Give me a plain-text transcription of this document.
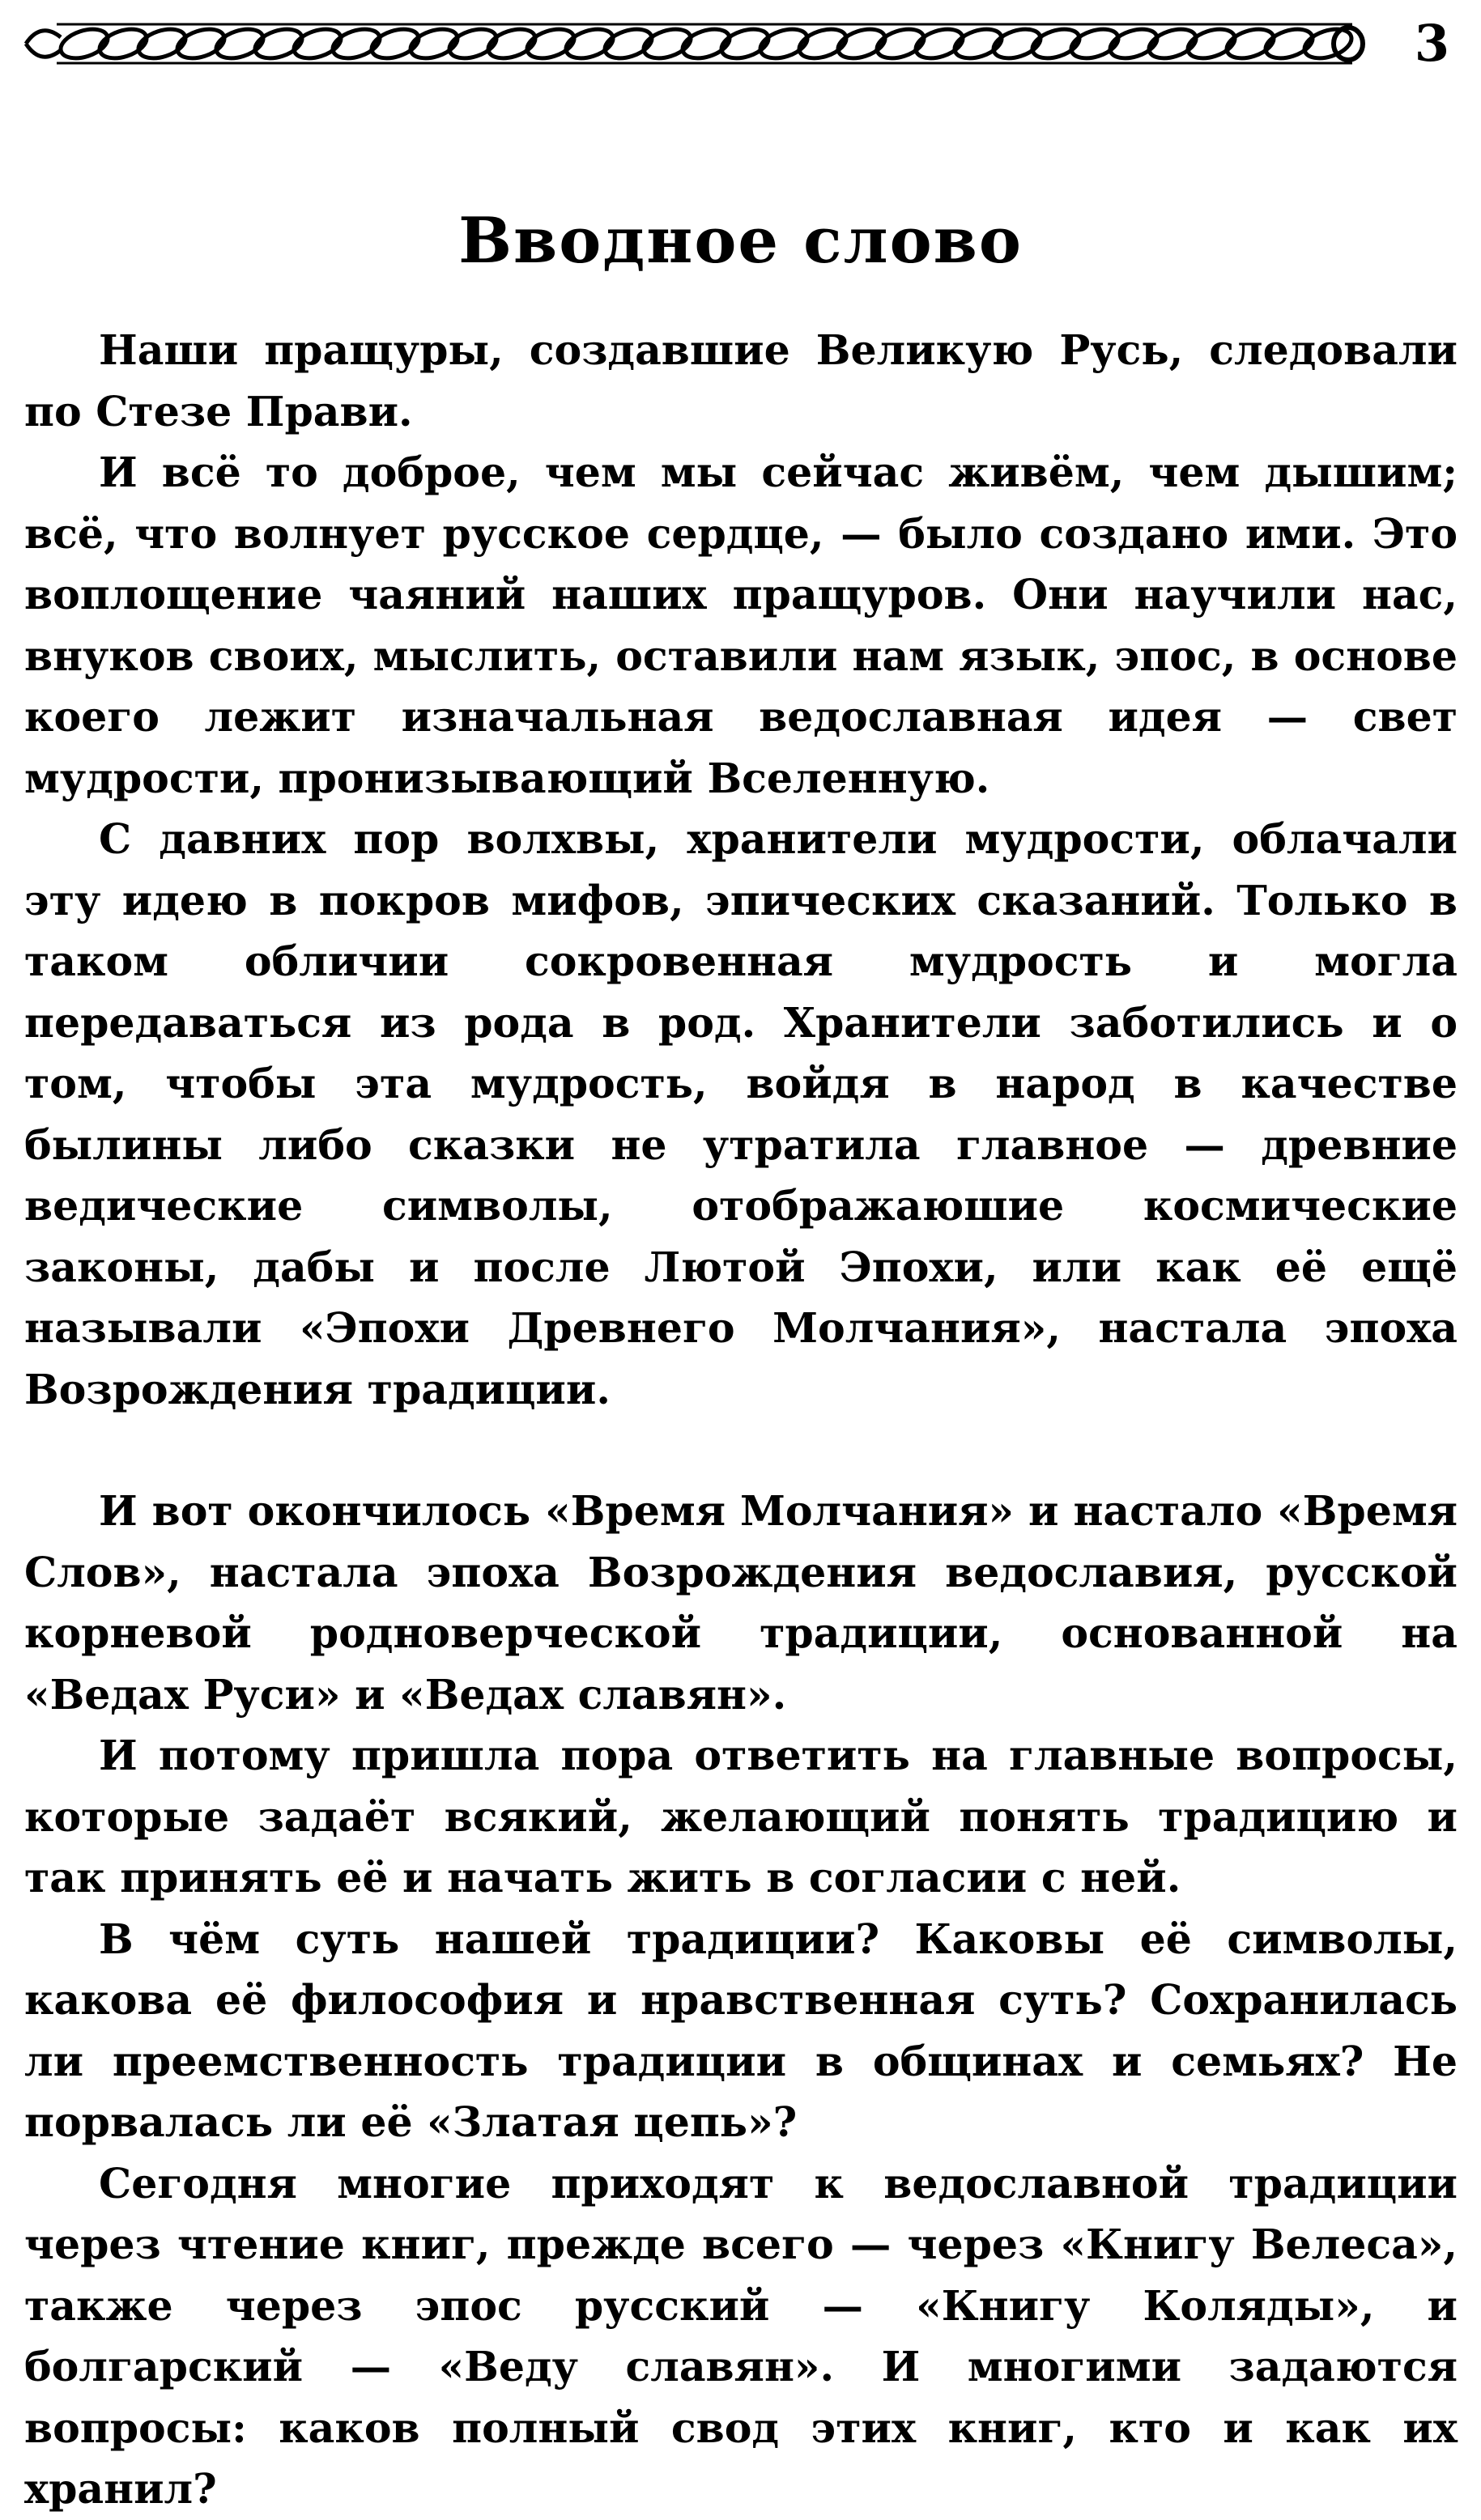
3
Вводное слово

Наши пращуры, создавшие Великую Русь, следовали по Стезе Прави.

И всё то доброе, чем мы сейчас живём, чем дышим; всё, что волнует русское сердце, — было создано ими. Это воплощение чаяний наших пращуров. Они научили нас, внуков своих, мыслить, оставили нам язык, эпос, в основе коего лежит изначальная ведославная идея — свет мудрости, пронизывающий Вселенную.

С давних пор волхвы, хранители мудрости, облачали эту идею в покров мифов, эпических сказаний. Только в таком обличии сокровенная мудрость и могла передаваться из рода в род. Хранители заботились и о том, чтобы эта мудрость, войдя в народ в качестве былины либо сказки не утратила главное — древние ведические символы, отображаюшие космические законы, дабы и после Лютой Эпохи, или как её ещё называли «Эпохи Древнего Молчания», настала эпоха Возрождения традиции.

И вот окончилось «Время Молчания» и настало «Время Слов», настала эпоха Возрождения ведославия, русской корневой родноверческой традиции, основанной на «Ведах Руси» и «Ведах славян».

И потому пришла пора ответить на главные вопросы, которые задаёт всякий, желающий понять традицию и так принять её и начать жить в согласии с ней.

В чём суть нашей традиции? Каковы её символы, какова её философия и нравственная суть? Сохранилась ли преемственность традиции в общинах и семьях? Не порвалась ли её «Златая цепь»?

Сегодня многие приходят к ведославной традиции через чтение книг, прежде всего — через «Книгу Велеса», также через эпос русский — «Книгу Коляды», и болгарский — «Веду славян». И многими задаются вопросы: каков полный свод этих книг, кто и как их хранил?
